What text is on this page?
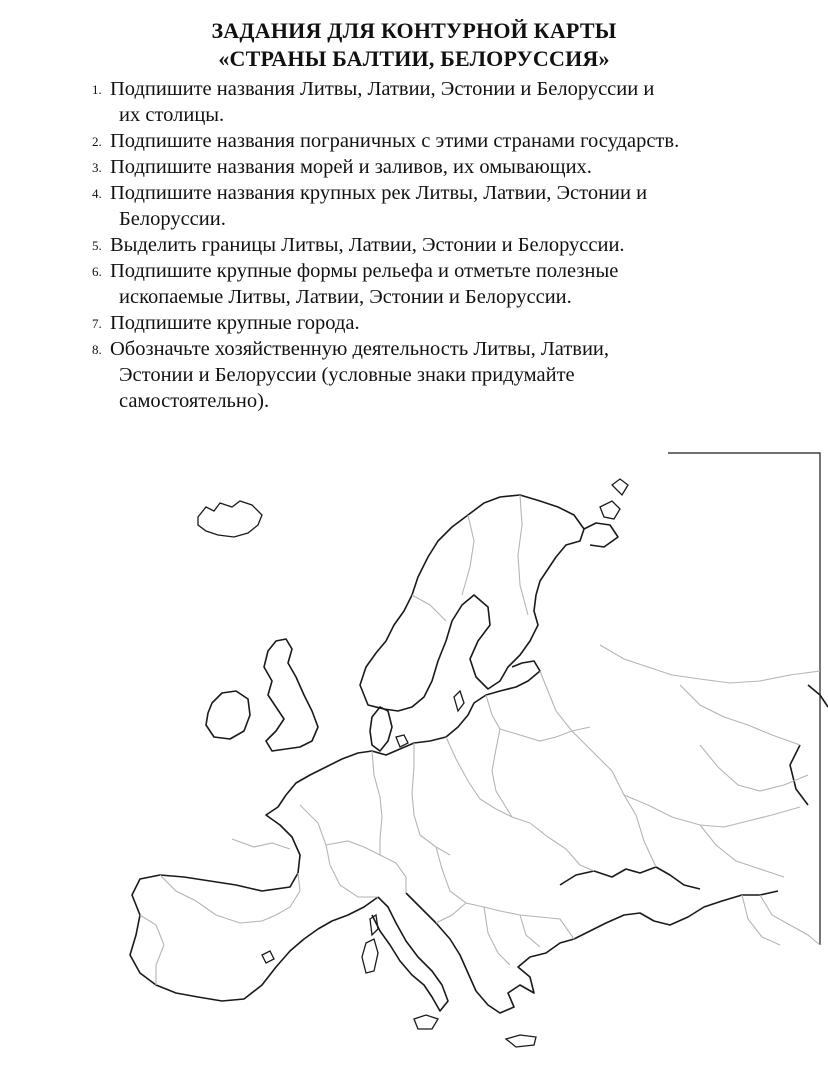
ЗАДАНИЯ ДЛЯ КОНТУРНОЙ КАРТЫ
«СТРАНЫ БАЛТИИ, БЕЛОРУССИЯ»
1. Подпишите названия Литвы, Латвии, Эстонии и Белоруссии и
их столицы.
2. Подпишите названия пограничных с этими странами государств.
3. Подпишите названия морей и заливов, их омывающих.
4. Подпишите названия крупных рек Литвы, Латвии, Эстонии и
Белоруссии.
5. Выделить границы Литвы, Латвии, Эстонии и Белоруссии.
6. Подпишите крупные формы рельефа и отметьте полезные
ископаемые Литвы, Латвии, Эстонии и Белоруссии.
7. Подпишите крупные города.
8. Обозначьте хозяйственную деятельность Литвы, Латвии,
Эстонии и Белоруссии (условные знаки придумайте
самостоятельно).
